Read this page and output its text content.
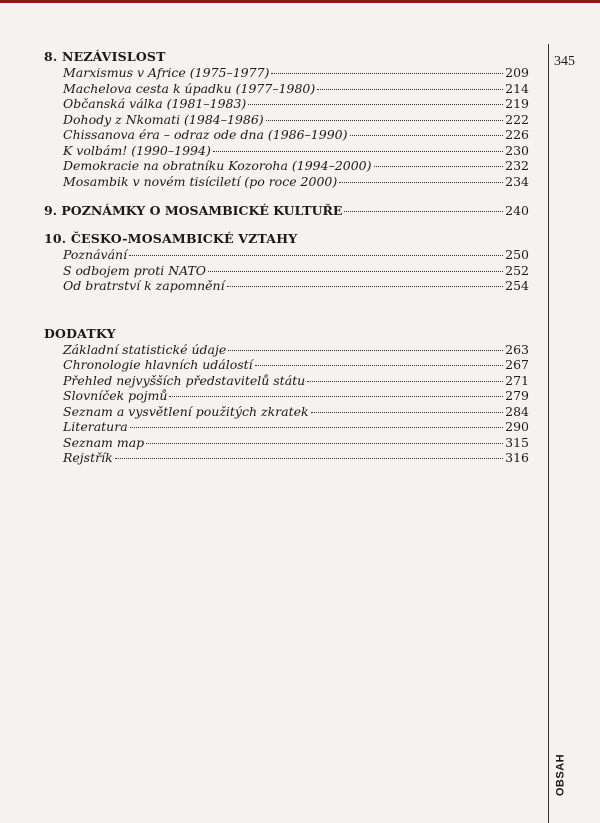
345
OBSAH
8. NEZÁVISLOST
Marxismus v Africe (1975–1977)	209
Machelova cesta k úpadku (1977–1980)	214
Občanská válka (1981–1983)	219
Dohody z Nkomati (1984–1986)	222
Chissanova éra – odraz ode dna (1986–1990)	226
K volbám! (1990–1994)	230
Demokracie na obratníku Kozoroha (1994–2000)	232
Mosambik v novém tisíciletí (po roce 2000)	234
9. POZNÁMKY O MOSAMBICKÉ KULTUŘE	240
10. ČESKO-MOSAMBICKÉ VZTAHY
Poznávání	250
S odbojem proti NATO	252
Od bratrství k zapomnění	254
DODATKY
Základní statistické údaje	263
Chronologie hlavních událostí	267
Přehled nejvyšších představitelů státu	271
Slovníček pojmů	279
Seznam a vysvětlení použitých zkratek	284
Literatura	290
Seznam map	315
Rejstřík	316
